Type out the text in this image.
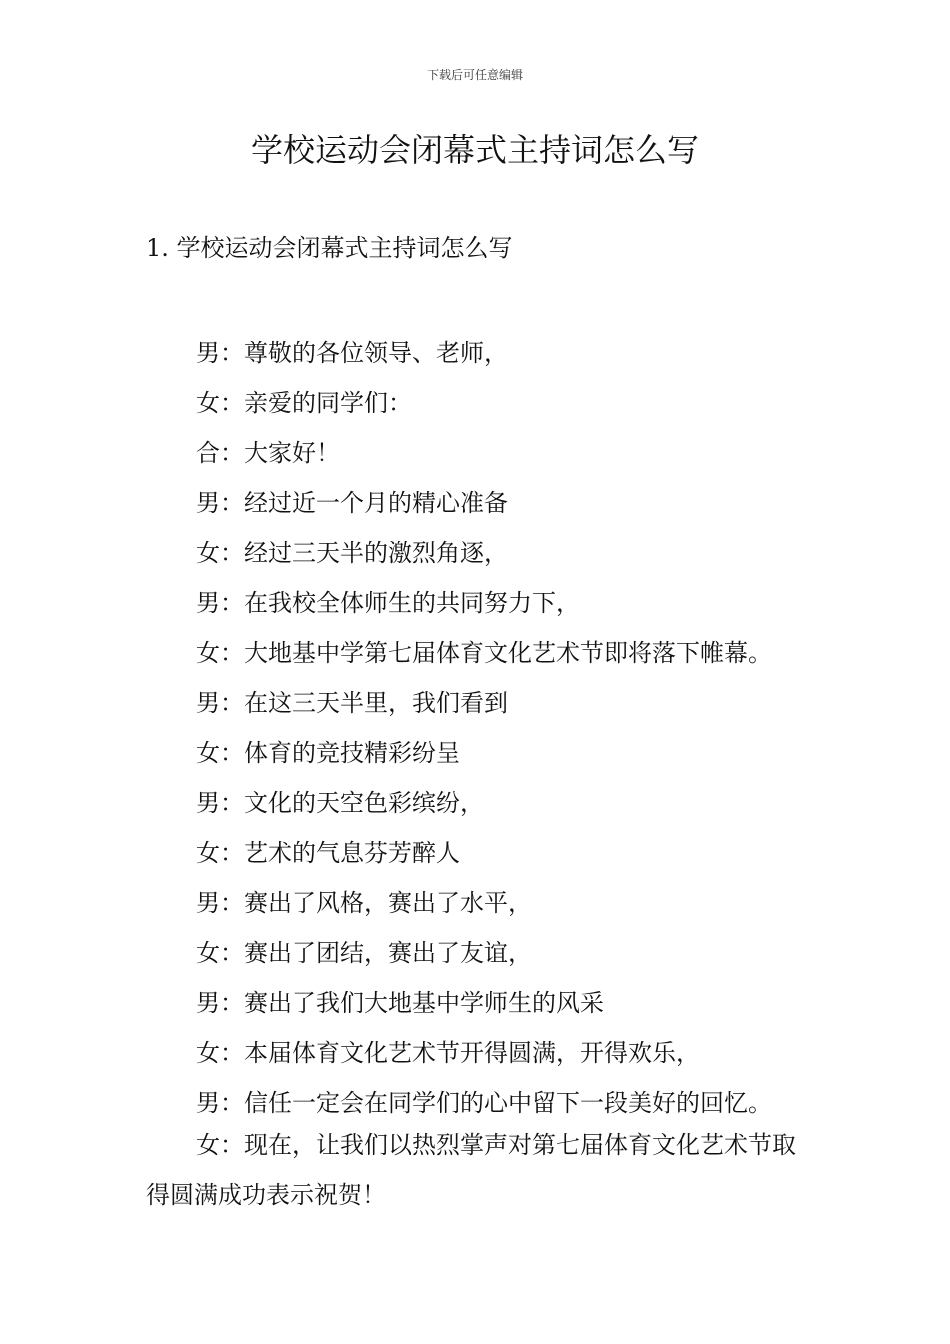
下载后可任意编辑
学校运动会闭幕式主持词怎么写
1. 学校运动会闭幕式主持词怎么写
男：尊敬的各位领导、老师，
女：亲爱的同学们：
合：大家好！
男：经过近一个月的精心准备
女：经过三天半的激烈角逐，
男：在我校全体师生的共同努力下，
女：大地基中学第七届体育文化艺术节即将落下帷幕。
男：在这三天半里，我们看到
女：体育的竞技精彩纷呈
男：文化的天空色彩缤纷，
女：艺术的气息芬芳醉人
男：赛出了风格，赛出了水平，
女：赛出了团结，赛出了友谊，
男：赛出了我们大地基中学师生的风采
女：本届体育文化艺术节开得圆满，开得欢乐，
男：信任一定会在同学们的心中留下一段美好的回忆。

女：现在，让我们以热烈掌声对第七届体育文化艺术节取得圆满成功表示祝贺！
